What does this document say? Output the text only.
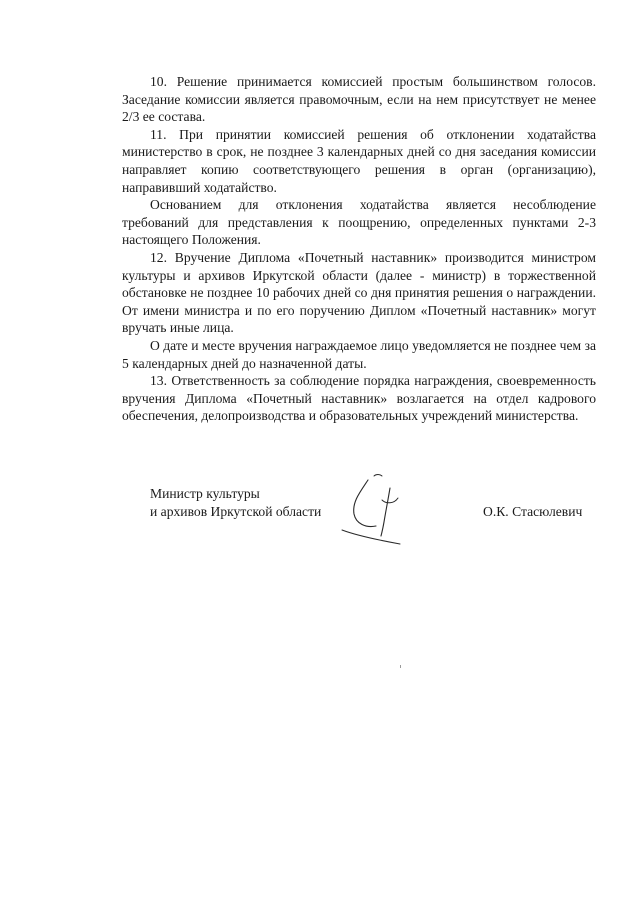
10. Решение принимается комиссией простым большинством голосов. Заседание комиссии является правомочным, если на нем присутствует не менее 2/3 ее состава.

11. При принятии комиссией решения об отклонении ходатайства министерство в срок, не позднее 3 календарных дней со дня заседания комиссии направляет копию соответствующего решения в орган (организацию), направивший ходатайство.

Основанием для отклонения ходатайства является несоблюдение требований для представления к поощрению, определенных пунктами 2-3 настоящего Положения.

12. Вручение Диплома «Почетный наставник» производится министром культуры и архивов Иркутской области (далее - министр) в торжественной обстановке не позднее 10 рабочих дней со дня принятия решения о награждении. От имени министра и по его поручению Диплом «Почетный наставник» могут вручать иные лица.

О дате и месте вручения награждаемое лицо уведомляется не позднее чем за 5 календарных дней до назначенной даты.

13. Ответственность за соблюдение порядка награждения, своевременность вручения Диплома «Почетный наставник» возлагается на отдел кадрового обеспечения, делопроизводства и образовательных учреждений министерства.

Министр культуры
и архивов Иркутской области	О.К. Стасюлевич
